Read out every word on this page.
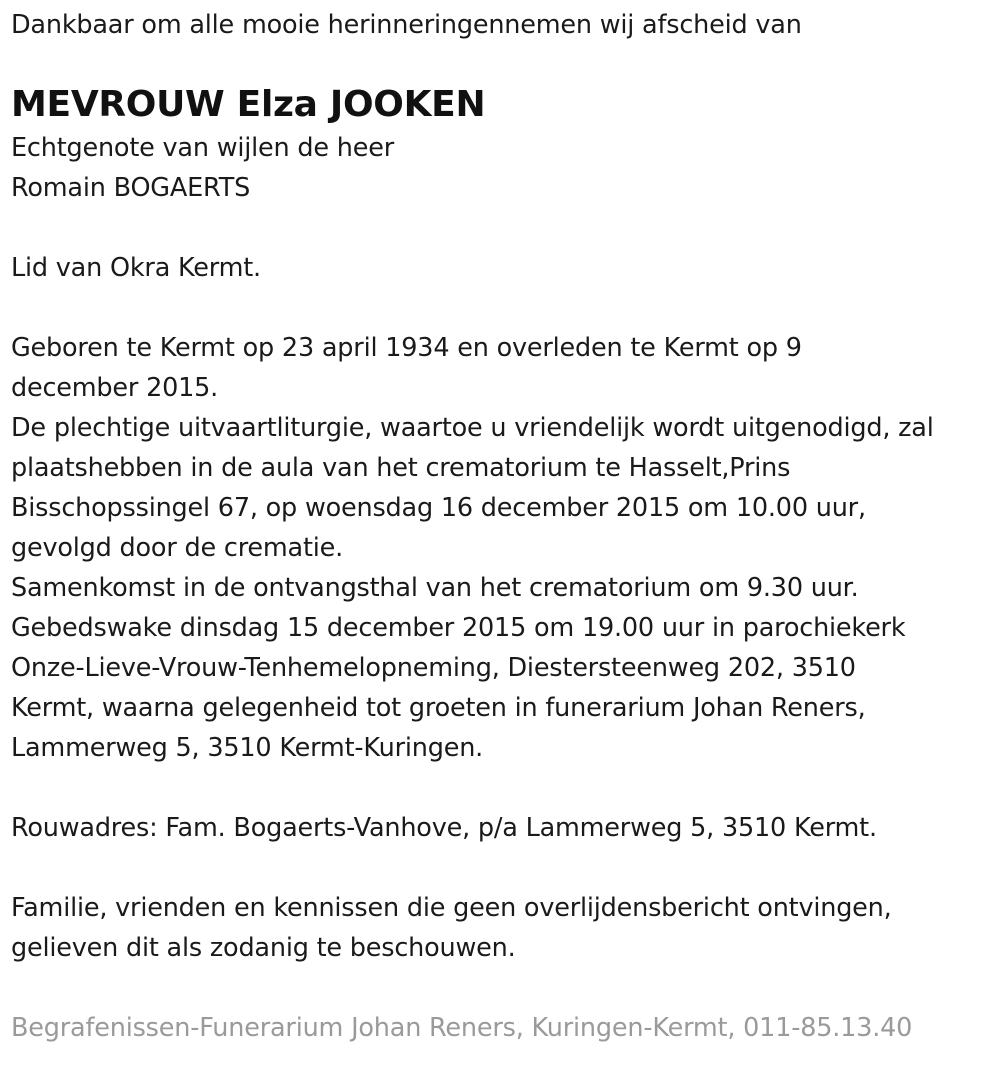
Dankbaar om alle mooie herinneringennemen wij afscheid van
MEVROUW Elza JOOKEN
Echtgenote van wijlen de heer
Romain BOGAERTS
Lid van Okra Kermt.
Geboren te Kermt op 23 april 1934 en overleden te Kermt op 9
december 2015.
De plechtige uitvaartliturgie, waartoe u vriendelijk wordt uitgenodigd, zal
plaatshebben in de aula van het crematorium te Hasselt,Prins
Bisschopssingel 67, op woensdag 16 december 2015 om 10.00 uur,
gevolgd door de crematie.
Samenkomst in de ontvangsthal van het crematorium om 9.30 uur.
Gebedswake dinsdag 15 december 2015 om 19.00 uur in parochiekerk
Onze-Lieve-Vrouw-Tenhemelopneming, Diestersteenweg 202, 3510
Kermt, waarna gelegenheid tot groeten in funerarium Johan Reners,
Lammerweg 5, 3510 Kermt-Kuringen.
Rouwadres: Fam. Bogaerts-Vanhove, p/a Lammerweg 5, 3510 Kermt.
Familie, vrienden en kennissen die geen overlijdensbericht ontvingen,
gelieven dit als zodanig te beschouwen.
Begrafenissen-Funerarium Johan Reners, Kuringen-Kermt, 011-85.13.40
